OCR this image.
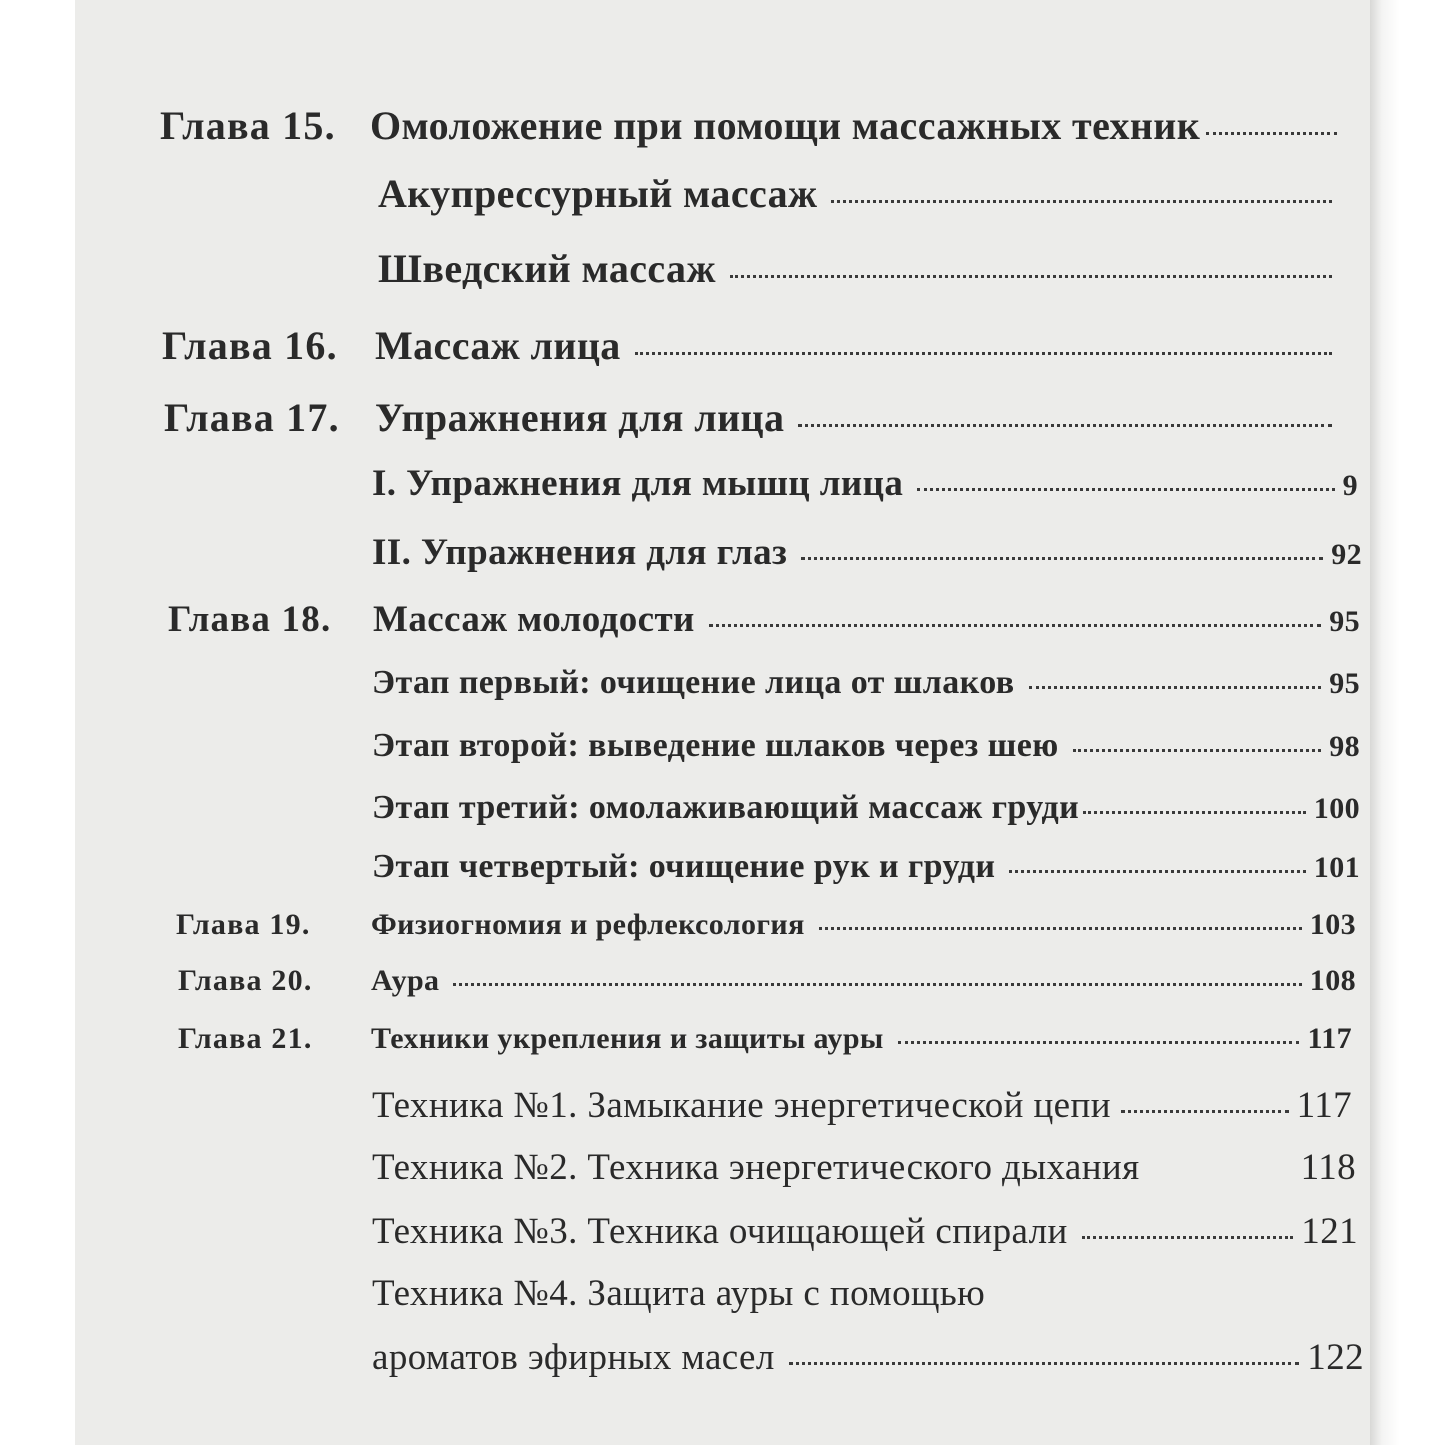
Глава 15. Омоложение при помощи массажных техник
Акупрессурный массаж
Шведский массаж
Глава 16. Массаж лица
Глава 17. Упражнения для лица
I. Упражнения для мышц лица	9
II. Упражнения для глаз	92
Глава 18.	Массаж молодости	95
Этап первый: очищение лица от шлаков	95
Этап второй: выведение шлаков через шею	98
Этап третий: омолаживающий массаж груди	100
Этап четвертый: очищение рук и груди	101
Глава 19.	Физиогномия и рефлексология	103
Глава 20.	Аура	108
Глава 21.	Техники укрепления и защиты ауры	117
Техника №1. Замыкание энергетической цепи	117
Техника №2. Техника энергетического дыхания	118
Техника №3. Техника очищающей спирали	121
Техника №4. Защита ауры с помощью
ароматов эфирных масел	122
